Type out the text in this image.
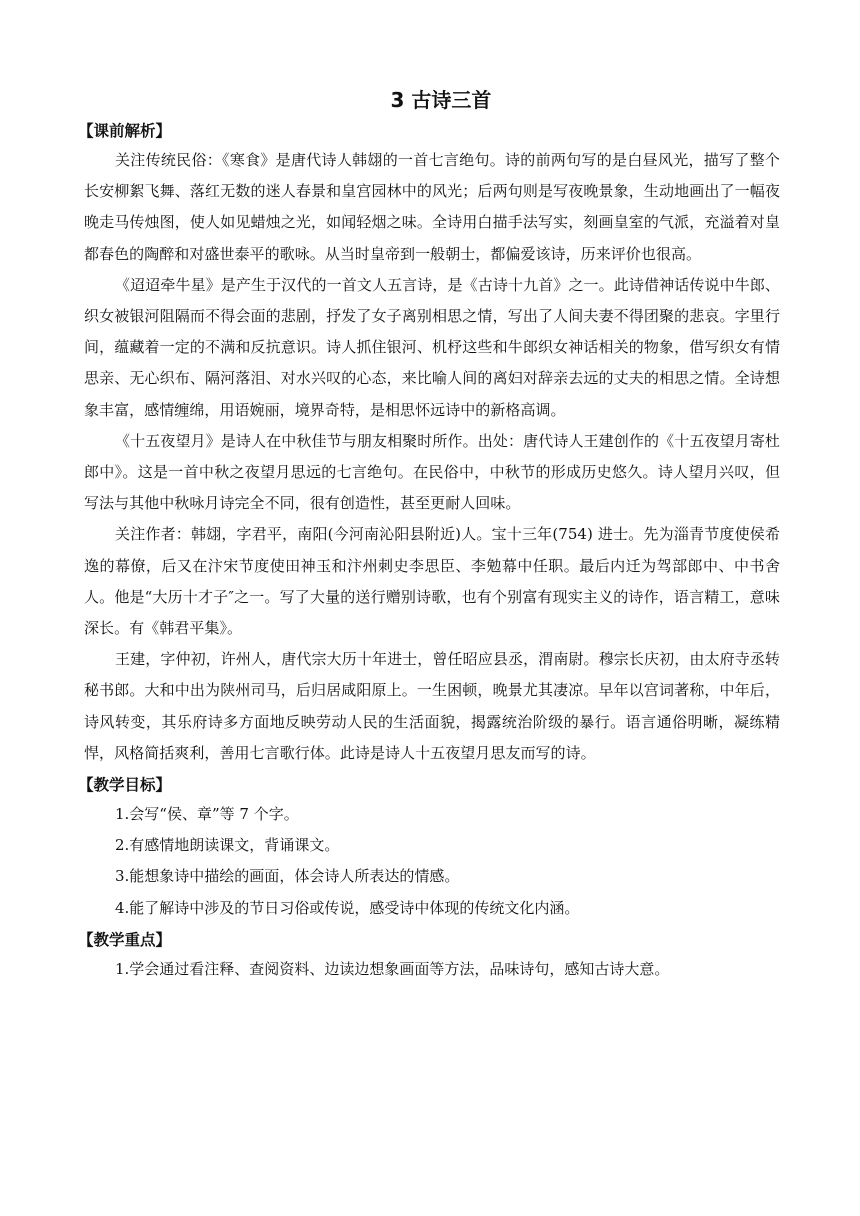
3 古诗三首
【课前解析】

关注传统民俗：《寒食》是唐代诗人韩翃的一首七言绝句。诗的前两句写的是白昼风光，描写了整个长安柳絮飞舞、落红无数的迷人春景和皇宫园林中的风光；后两句则是写夜晚景象，生动地画出了一幅夜晚走马传烛图，使人如见蜡烛之光，如闻轻烟之味。全诗用白描手法写实，刻画皇室的气派，充溢着对皇都春色的陶醉和对盛世泰平的歌咏。从当时皇帝到一般朝士，都偏爱该诗，历来评价也很高。

《迢迢牵牛星》是产生于汉代的一首文人五言诗，是《古诗十九首》之一。此诗借神话传说中牛郎、织女被银河阻隔而不得会面的悲剧，抒发了女子离别相思之情，写出了人间夫妻不得团聚的悲哀。字里行间，蕴藏着一定的不满和反抗意识。诗人抓住银河、机杼这些和牛郎织女神话相关的物象，借写织女有情思亲、无心织布、隔河落泪、对水兴叹的心态，来比喻人间的离妇对辞亲去远的丈夫的相思之情。全诗想象丰富，感情缠绵，用语婉丽，境界奇特，是相思怀远诗中的新格高调。

《十五夜望月》是诗人在中秋佳节与朋友相聚时所作。出处：唐代诗人王建创作的《十五夜望月寄杜郎中》。这是一首中秋之夜望月思远的七言绝句。在民俗中，中秋节的形成历史悠久。诗人望月兴叹，但写法与其他中秋咏月诗完全不同，很有创造性，甚至更耐人回味。

关注作者：韩翃，字君平，南阳(今河南沁阳县附近)人。宝十三年(754) 进士。先为淄青节度使侯希逸的幕僚，后又在汴宋节度使田神玉和汴州刺史李思臣、李勉幕中任职。最后内迁为驾部郎中、中书舍人。他是“大历十才子″之一。写了大量的送行赠别诗歌，也有个别富有现实主义的诗作，语言精工，意味深长。有《韩君平集》。

王建，字仲初，许州人，唐代宗大历十年进士，曾任昭应县丞，渭南尉。穆宗长庆初，由太府寺丞转秘书郎。大和中出为陕州司马，后归居咸阳原上。一生困顿，晚景尤其凄凉。早年以宫词著称，中年后，诗风转变，其乐府诗多方面地反映劳动人民的生活面貌，揭露统治阶级的暴行。语言通俗明晰，凝练精悍，风格简括爽利，善用七言歌行体。此诗是诗人十五夜望月思友而写的诗。

【教学目标】

1.会写“侯、章”等 7 个字。

2.有感情地朗读课文，背诵课文。

3.能想象诗中描绘的画面，体会诗人所表达的情感。

4.能了解诗中涉及的节日习俗或传说，感受诗中体现的传统文化内涵。

【教学重点】

1.学会通过看注释、查阅资料、边读边想象画面等方法，品味诗句，感知古诗大意。
